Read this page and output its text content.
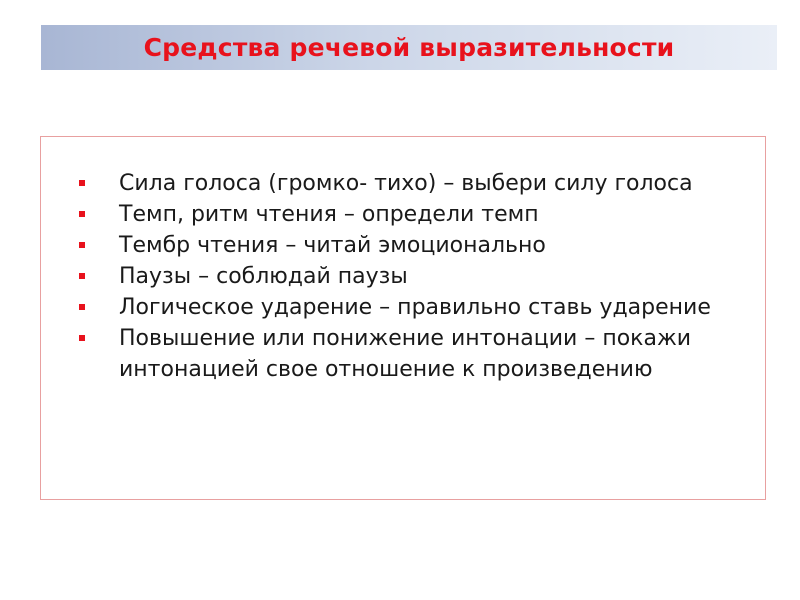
Средства речевой выразительности
Сила голоса (громко- тихо) – выбери силу голоса
Темп, ритм чтения – определи темп
Тембр чтения – читай эмоционально
Паузы – соблюдай паузы
Логическое ударение – правильно ставь ударение
Повышение или понижение интонации – покажи интонацией свое отношение к произведению
